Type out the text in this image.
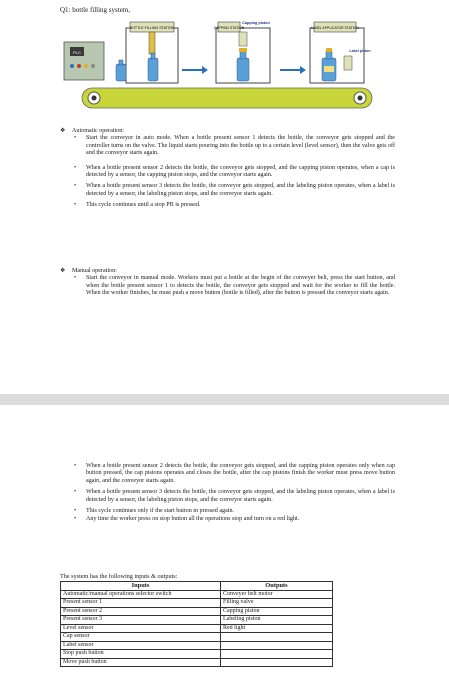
Q1: bottle filling system,
PLC
BOTTLE FILLING STATION	CAPPING STATION
Capping piston
LABEL APPLICATOR STATION
Label piston

❖ Automatic operation:

• Start the conveyor in auto mode. When a bottle present sensor 1 detects the bottle, the conveyor gets stopped and the controller turns on the valve. The liquid starts pouring into the bottle up to a certain level (level sensor), then the valve gets off and the conveyor starts again.
• When a bottle present sensor 2 detects the bottle, the conveyor gets stopped, and the capping piston operates, when a cap is detected by a sensor, the capping piston stops, and the conveyor starts again.
• When a bottle present sensor 3 detects the bottle, the conveyor gets stopped, and the labeling piston operates, when a label is detected by a sensor, the labeling piston stops, and the conveyor starts again.
• This cycle continues until a stop PB is pressed.

❖ Manual operation:

• Start the conveyor in manual mode. Workers must put a bottle at the begin of the conveyer belt, press the start button, and when the bottle present sensor 1 to detects the bottle, the conveyor gets stopped and wait for the worker to fill the bottle. When the worker finishes, he must push a move button (bottle is filled), after the button is pressed the conveyor starts again.
• When a bottle present sensor 2 detects the bottle, the conveyor gets stopped, and the capping piston operates only when cap button pressed, the cap pistons operates and closes the bottle, after the cap pistons finish the worker must press move button again, and the conveyor starts again.
• When a bottle present sensor 3 detects the bottle, the conveyor gets stopped, and the labeling piston operates, when a label is detected by a sensor, the labeling piston stops, and the conveyor starts again.
• This cycle continues only if the start button in pressed again.
• Any time the worker press on stop button all the operations stop and turn on a red light.
The system has the following inputs & outputs:
Inputs	Outputs
Automatic/manual operations selector switch	Conveyer belt motor
Present sensor 1	Filling valve
Present sensor 2	Capping piston
Present sensor 3	Labeling piston
Level sensor	Red light
Cap sensor	
Label sensor	
Stop push button	
Move push button	
